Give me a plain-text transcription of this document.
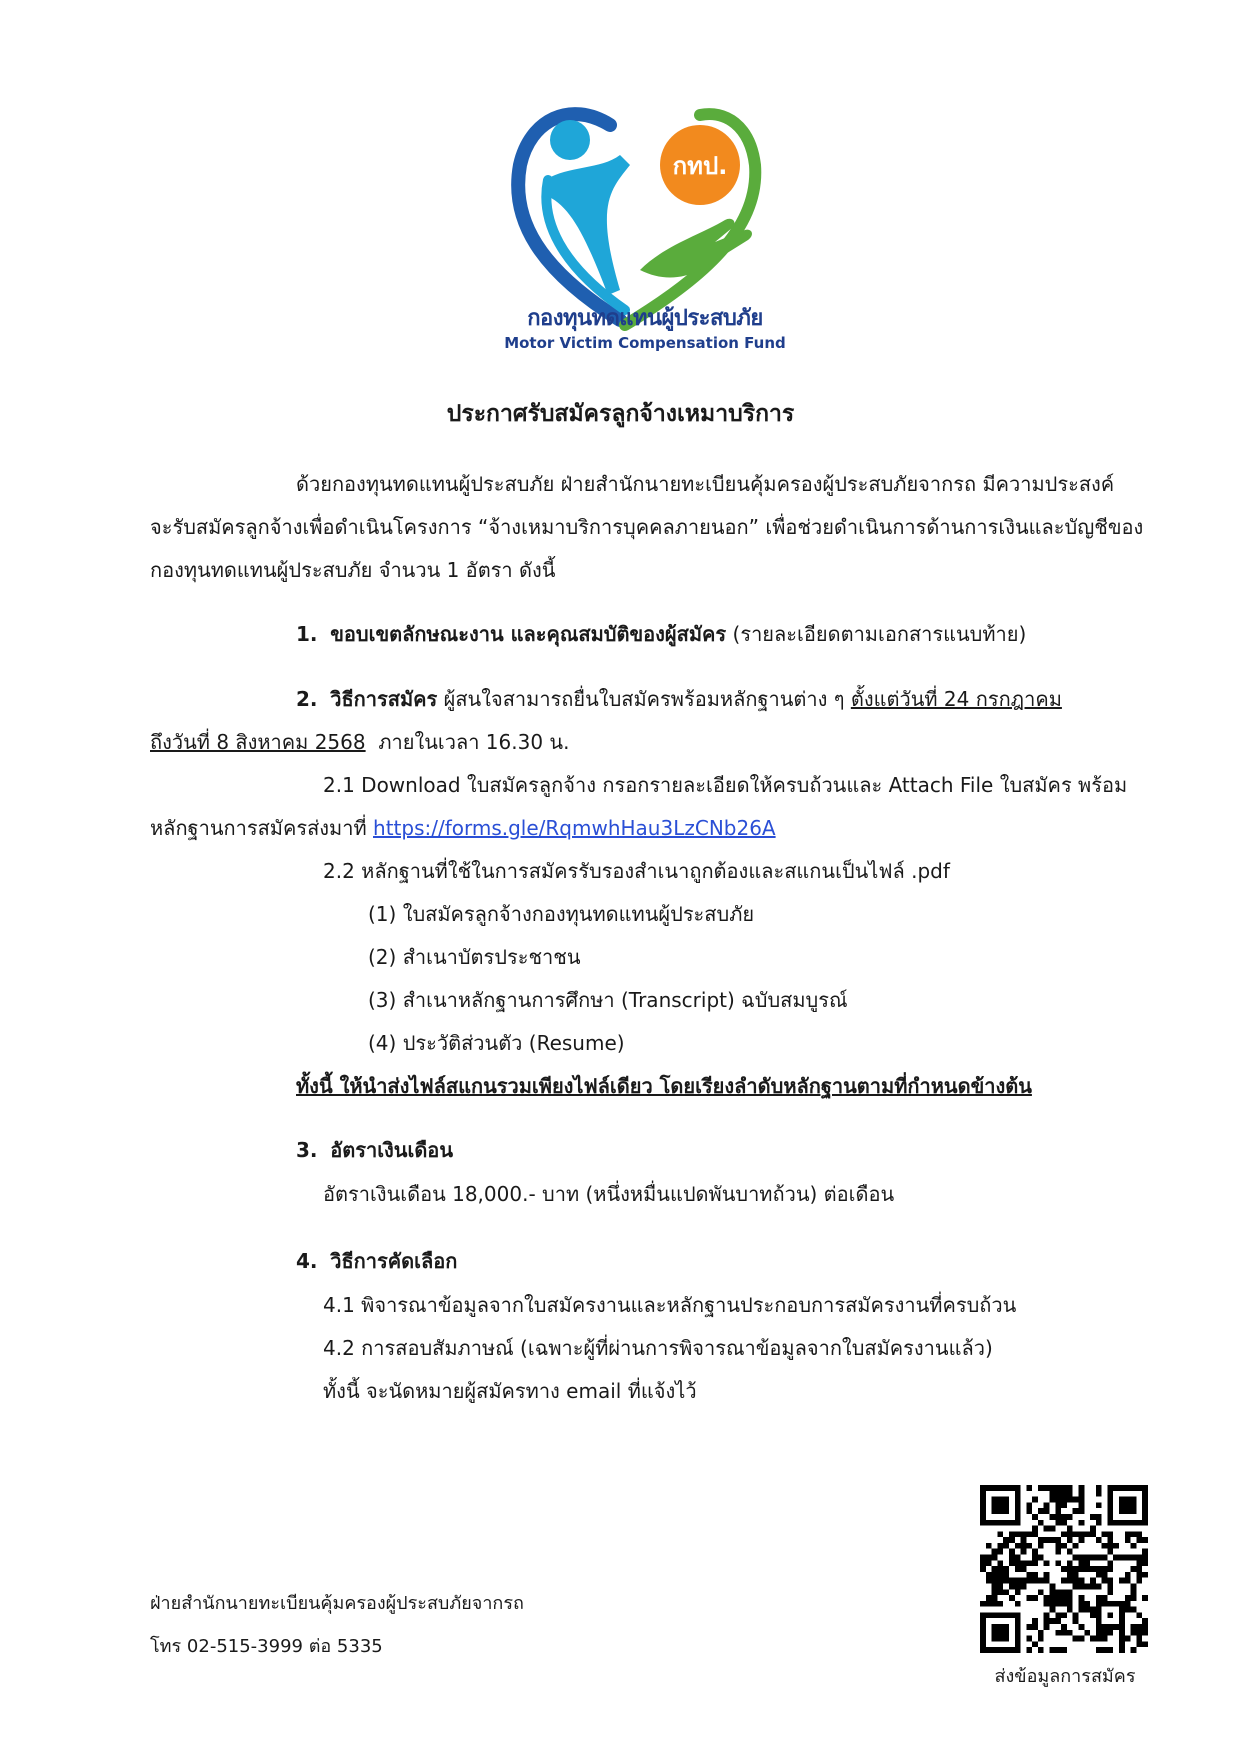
กทป.
กองทุนทดแทนผู้ประสบภัย
Motor Victim Compensation Fund
ประกาศรับสมัครลูกจ้างเหมาบริการ
ด้วยกองทุนทดแทนผู้ประสบภัย ฝ่ายสำนักนายทะเบียนคุ้มครองผู้ประสบภัยจากรถ มีความประสงค์
จะรับสมัครลูกจ้างเพื่อดำเนินโครงการ “จ้างเหมาบริการบุคคลภายนอก” เพื่อช่วยดำเนินการด้านการเงินและบัญชีของ
กองทุนทดแทนผู้ประสบภัย จำนวน 1 อัตรา ดังนี้
1. ขอบเขตลักษณะงาน และคุณสมบัติของผู้สมัคร (รายละเอียดตามเอกสารแนบท้าย)
2. วิธีการสมัคร ผู้สนใจสามารถยื่นใบสมัครพร้อมหลักฐานต่าง ๆ ตั้งแต่วันที่ 24 กรกฎาคม
ถึงวันที่ 8 สิงหาคม 2568 ภายในเวลา 16.30 น.
2.1 Download ใบสมัครลูกจ้าง กรอกรายละเอียดให้ครบถ้วนและ Attach File ใบสมัคร พร้อม
หลักฐานการสมัครส่งมาที่ https://forms.gle/RqmwhHau3LzCNb26A
2.2 หลักฐานที่ใช้ในการสมัครรับรองสำเนาถูกต้องและสแกนเป็นไฟล์ .pdf
(1) ใบสมัครลูกจ้างกองทุนทดแทนผู้ประสบภัย
(2) สำเนาบัตรประชาชน
(3) สำเนาหลักฐานการศึกษา (Transcript) ฉบับสมบูรณ์
(4) ประวัติส่วนตัว (Resume)
ทั้งนี้ ให้นำส่งไฟล์สแกนรวมเพียงไฟล์เดียว โดยเรียงลำดับหลักฐานตามที่กำหนดข้างต้น
3. อัตราเงินเดือน
อัตราเงินเดือน 18,000.- บาท (หนึ่งหมื่นแปดพันบาทถ้วน) ต่อเดือน
4. วิธีการคัดเลือก
4.1 พิจารณาข้อมูลจากใบสมัครงานและหลักฐานประกอบการสมัครงานที่ครบถ้วน
4.2 การสอบสัมภาษณ์ (เฉพาะผู้ที่ผ่านการพิจารณาข้อมูลจากใบสมัครงานแล้ว)
ทั้งนี้ จะนัดหมายผู้สมัครทาง email ที่แจ้งไว้
ฝ่ายสำนักนายทะเบียนคุ้มครองผู้ประสบภัยจากรถ
โทร 02-515-3999 ต่อ 5335
ส่งข้อมูลการสมัคร
